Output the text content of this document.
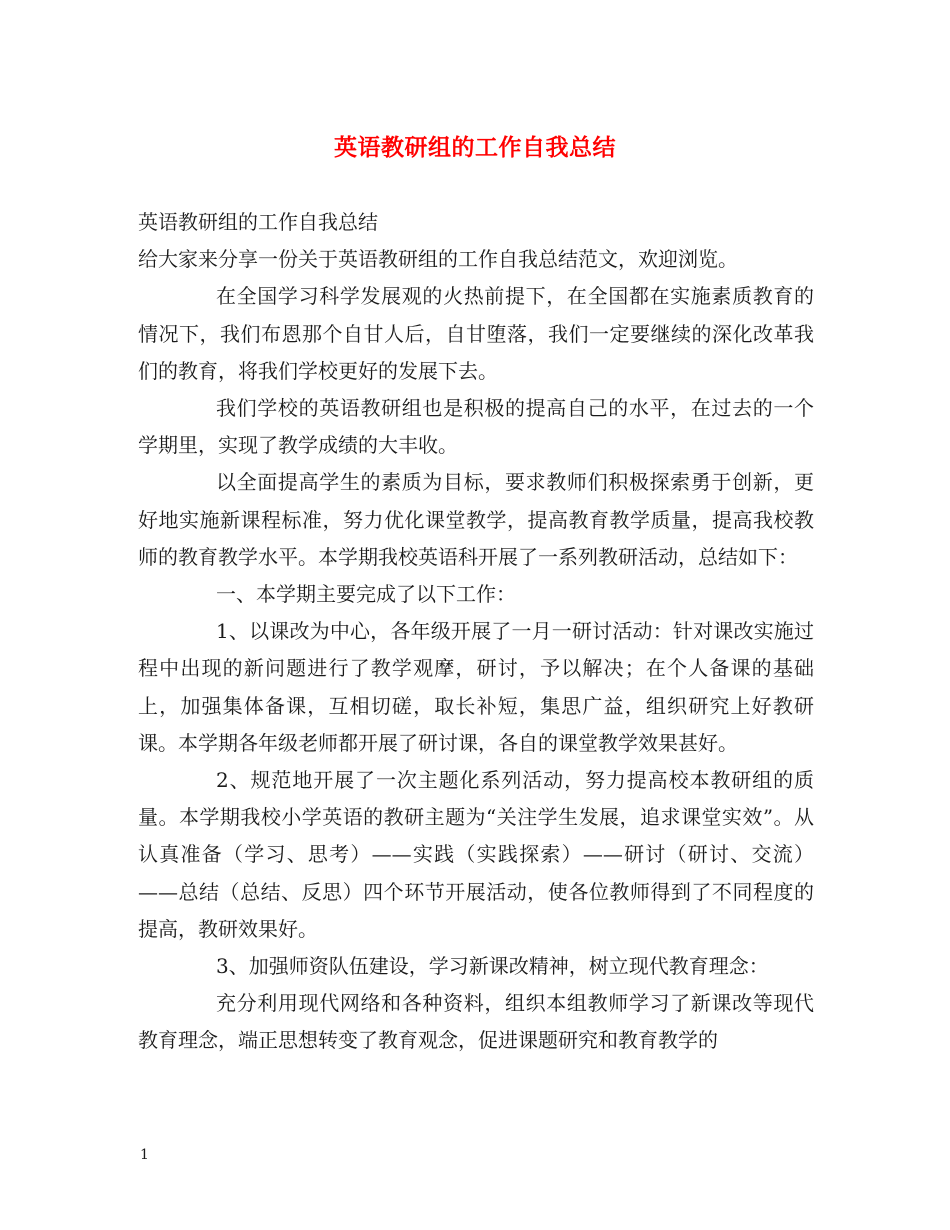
英语教研组的工作自我总结

英语教研组的工作自我总结

给大家来分享一份关于英语教研组的工作自我总结范文，欢迎浏览。

在全国学习科学发展观的火热前提下，在全国都在实施素质教育的情况下，我们布恩那个自甘人后，自甘堕落，我们一定要继续的深化改革我们的教育，将我们学校更好的发展下去。

我们学校的英语教研组也是积极的提高自己的水平，在过去的一个学期里，实现了教学成绩的大丰收。

以全面提高学生的素质为目标，要求教师们积极探索勇于创新，更好地实施新课程标准，努力优化课堂教学，提高教育教学质量，提高我校教师的教育教学水平。本学期我校英语科开展了一系列教研活动，总结如下：

一、本学期主要完成了以下工作：

1、以课改为中心，各年级开展了一月一研讨活动：针对课改实施过程中出现的新问题进行了教学观摩，研讨，予以解决；在个人备课的基础上，加强集体备课，互相切磋，取长补短，集思广益，组织研究上好教研课。本学期各年级老师都开展了研讨课，各自的课堂教学效果甚好。

2、规范地开展了一次主题化系列活动，努力提高校本教研组的质量。本学期我校小学英语的教研主题为“关注学生发展，追求课堂实效”。从认真准备（学习、思考）——实践（实践探索）——研讨（研讨、交流）——总结（总结、反思）四个环节开展活动，使各位教师得到了不同程度的提高，教研效果好。

3、加强师资队伍建设，学习新课改精神，树立现代教育理念：

充分利用现代网络和各种资料，组织本组教师学习了新课改等现代教育理念，端正思想转变了教育观念，促进课题研究和教育教学的

1
